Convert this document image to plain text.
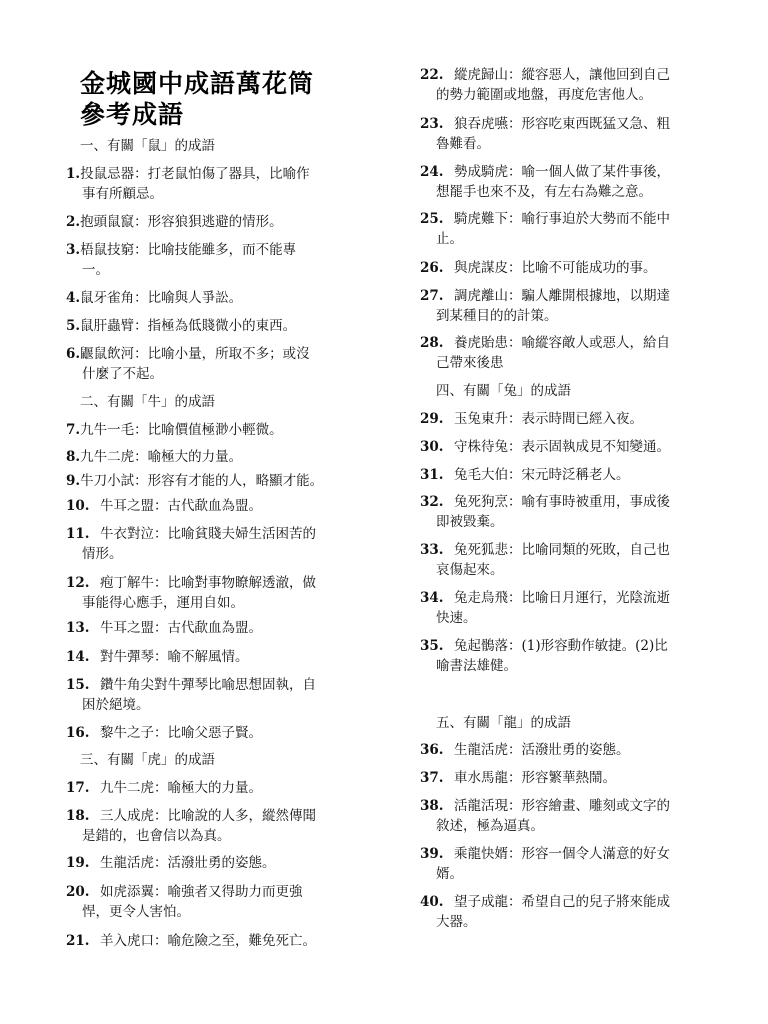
金城國中成語萬花筒
參考成語
一、有關「鼠」的成語
1.投鼠忌器：打老鼠怕傷了器具，比喻作
事有所顧忌。
2.抱頭鼠竄：形容狼狽逃避的情形。
3.梧鼠技窮：比喻技能雖多，而不能專
一。
4.鼠牙雀角：比喻與人爭訟。
5.鼠肝蟲臂：指極為低賤微小的東西。
6.鼴鼠飲河：比喻小量，所取不多；或沒
什麼了不起。
二、有關「牛」的成語
7.九牛一毛：比喻價值極渺小輕微。
8.九牛二虎：喻極大的力量。
9.牛刀小試：形容有才能的人，略顯才能。
10. 牛耳之盟：古代歃血為盟。
11. 牛衣對泣：比喻貧賤夫婦生活困苦的
情形。
12. 疱丁解牛：比喻對事物瞭解透澈，做
事能得心應手，運用自如。
13. 牛耳之盟：古代歃血為盟。
14. 對牛彈琴：喻不解風情。
15. 鑽牛角尖對牛彈琴比喻思想固執，自
困於絕境。
16. 黎牛之子：比喻父惡子賢。
三、有關「虎」的成語
17. 九牛二虎：喻極大的力量。
18. 三人成虎：比喻說的人多，縱然傳聞
是錯的，也會信以為真。
19. 生龍活虎：活潑壯勇的姿態。
20. 如虎添翼：喻強者又得助力而更強
悍，更令人害怕。
21. 羊入虎口：喻危險之至，難免死亡。
22. 縱虎歸山：縱容惡人，讓他回到自己
的勢力範圍或地盤，再度危害他人。
23. 狼吞虎嚥：形容吃東西既猛又急、粗
魯難看。
24. 勢成騎虎：喻一個人做了某件事後，
想罷手也來不及，有左右為難之意。
25. 騎虎難下：喻行事迫於大勢而不能中
止。
26. 與虎謀皮：比喻不可能成功的事。
27. 調虎離山：騙人離開根據地，以期達
到某種目的的計策。
28. 養虎貽患：喻縱容敵人或惡人，給自
己帶來後患
四、有關「兔」的成語
29. 玉兔東升：表示時間已經入夜。
30. 守株待兔：表示固執成見不知變通。
31. 兔毛大伯：宋元時泛稱老人。
32. 兔死狗烹：喻有事時被重用，事成後
即被毀棄。
33. 兔死狐悲：比喻同類的死敗，自己也
哀傷起來。
34. 兔走烏飛：比喻日月運行，光陰流逝
快速。
35. 兔起鶻落：(1)形容動作敏捷。(2)比
喻書法雄健。
五、有關「龍」的成語
36. 生龍活虎：活潑壯勇的姿態。
37. 車水馬龍：形容繁華熱鬧。
38. 活龍活現：形容繪畫、雕刻或文字的
敘述，極為逼真。
39. 乘龍快婿：形容一個令人滿意的好女
婿。
40. 望子成龍：希望自己的兒子將來能成
大器。
